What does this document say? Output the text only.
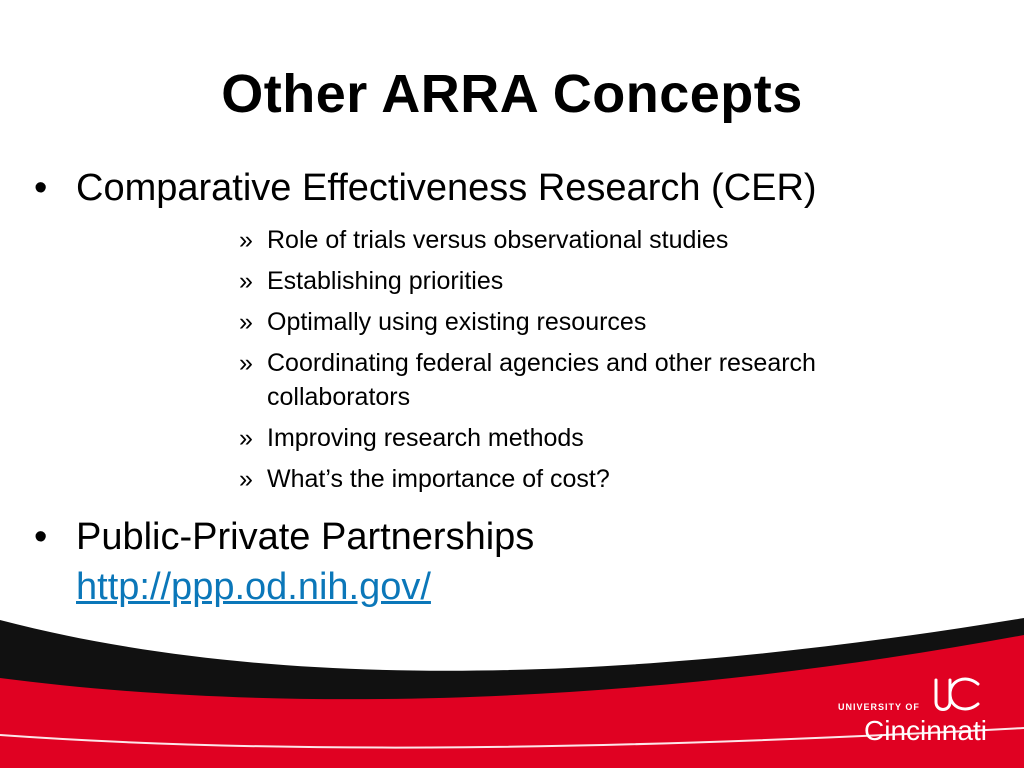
Other ARRA Concepts
• Comparative Effectiveness Research (CER)
» Role of trials versus observational studies
» Establishing priorities
» Optimally using existing resources
» Coordinating federal agencies and other research collaborators
» Improving research methods
» What’s the importance of cost?
• Public-Private Partnerships
http://ppp.od.nih.gov/
UNIVERSITY OF
Cincinnati
